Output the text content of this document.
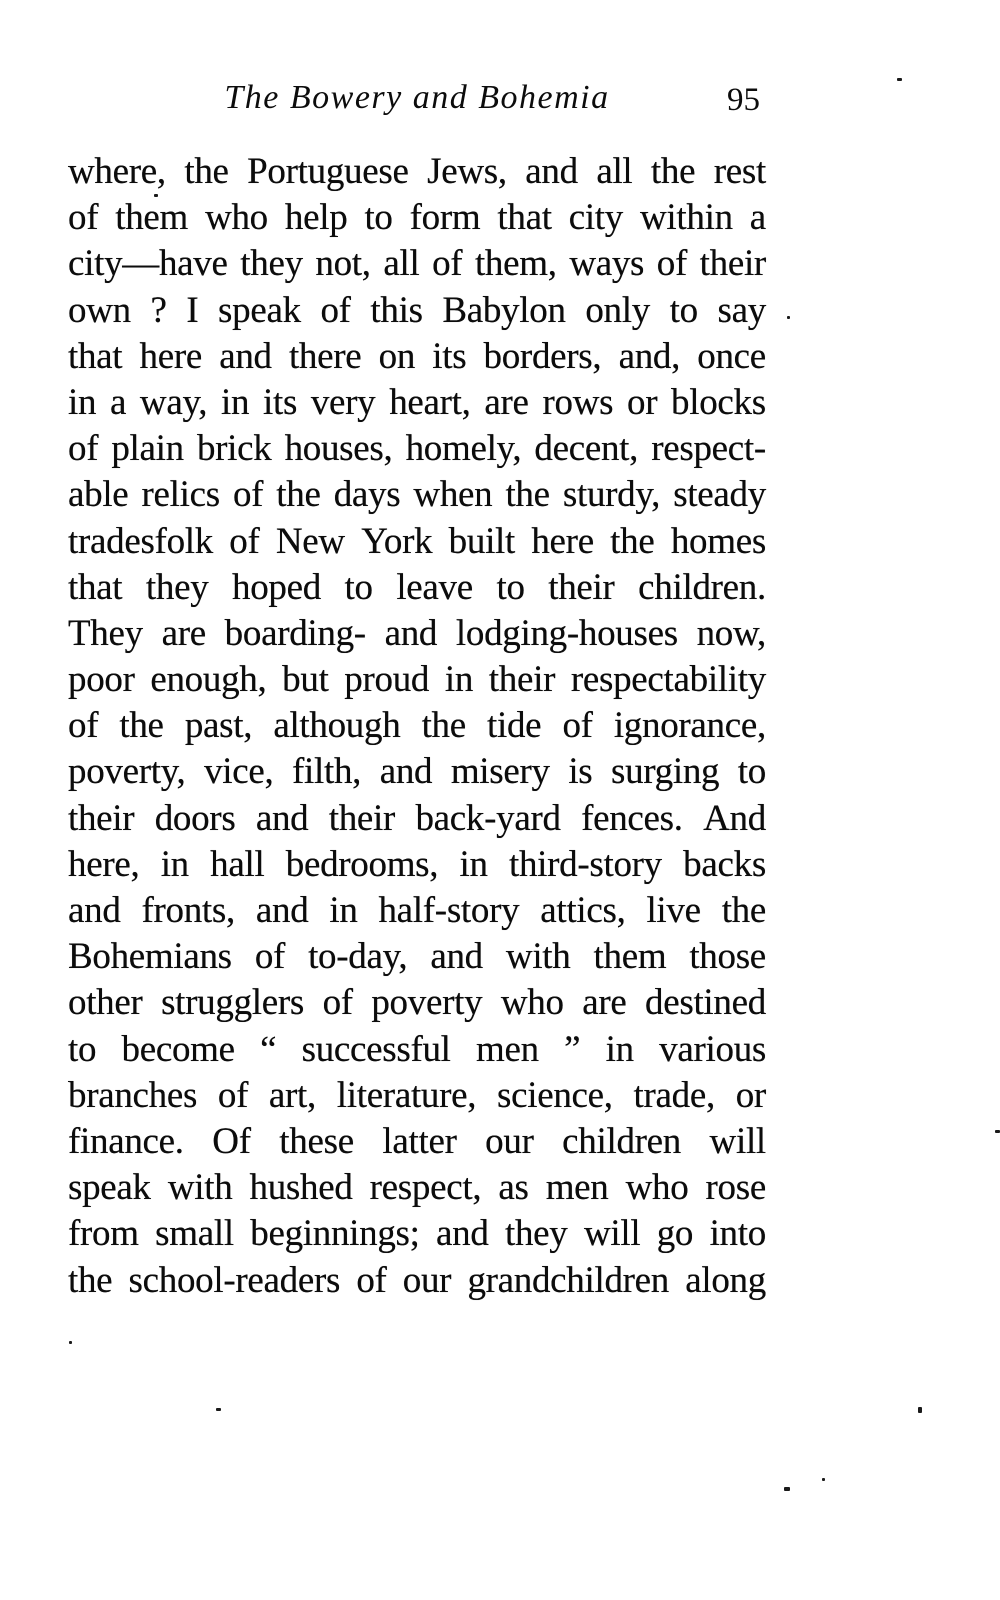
The Bowery and Bohemia	95
where, the Portuguese Jews, and all the rest
of them who help to form that city within a
city—have they not, all of them, ways of their
own ? I speak of this Babylon only to say
that here and there on its borders, and, once
in a way, in its very heart, are rows or blocks
of plain brick houses, homely, decent, respect-
able relics of the days when the sturdy, steady
tradesfolk of New York built here the homes
that they hoped to leave to their children.
They are boarding- and lodging-houses now,
poor enough, but proud in their respectability
of the past, although the tide of ignorance,
poverty, vice, filth, and misery is surging to
their doors and their back-yard fences. And
here, in hall bedrooms, in third-story backs
and fronts, and in half-story attics, live the
Bohemians of to-day, and with them those
other strugglers of poverty who are destined
to become “ successful men ” in various
branches of art, literature, science, trade, or
finance. Of these latter our children will
speak with hushed respect, as men who rose
from small beginnings; and they will go into
the school-readers of our grandchildren along
